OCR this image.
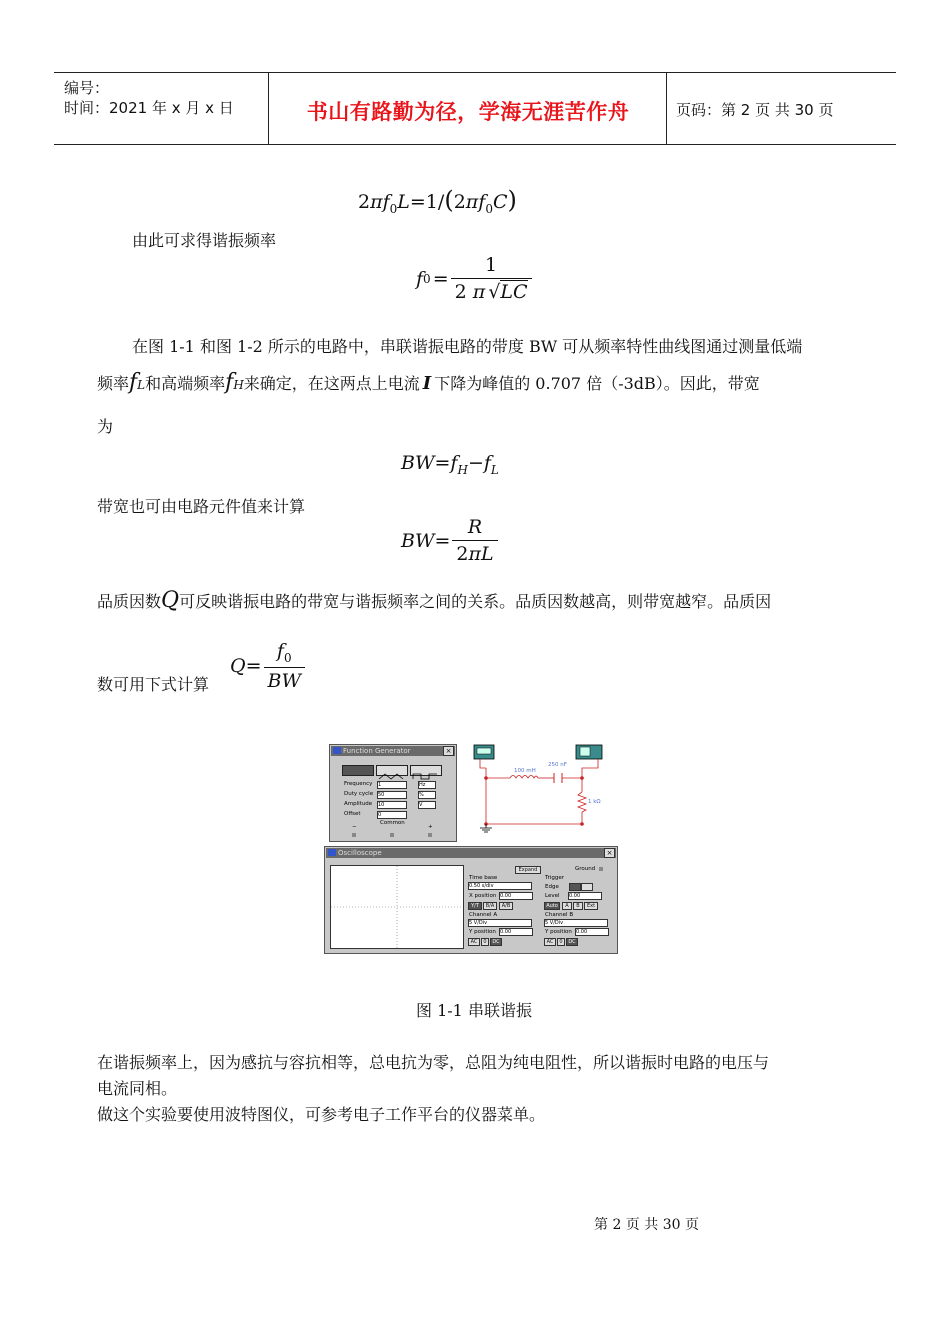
编号：
时间：2021 年 x 月 x 日	书山有路勤为径，学海无涯苦作舟	页码：第 2 页 共 30 页
$2\pi f_0L=1/(2\pi f_0C)$
由此可求得谐振频率
f $0 = \frac{1}{2 \pi √LC}$
在图 1-1 和图 1-2 所示的电路中，串联谐振电路的带度 BW 可从频率特性曲线图通过测量低端
频率 f L 和高端频率 f H 来确定，在这两点上电流 I 下降为峰值的 0.707 倍（-3dB）。因此，带宽
为
$BW=f_H-f_L$
带宽也可由电路元件值来计算
BW = $\frac{R}{2\pi L}$
品质因数 Q 可反映谐振电路的带宽与谐振频率之间的关系。品质因数越高，则带宽越窄。品质因
数可用下式计算
$Q = \frac{f_0}{BW}$
Function Generator	×
Frequency 1	Hz
Duty cycle 50	%
Amplitude 10	V
Offset	0
Common
−	+
100 mH
250 nF
1 kΩ
Oscilloscope	×
Expand	Ground
Time base
0.50 s/div
X position 0.00
Y/T	B/A	A/B
Trigger
Edge
Level 0.00
Auto	A	B	Ext
Channel A
5 V/Div
Y position 0.00
AC	0	DC
Channel B
5 V/Div
Y position 0.00
AC	0	DC
图 1-1 串联谐振
在谐振频率上，因为感抗与容抗相等，总电抗为零，总阻为纯电阻性，所以谐振时电路的电压与
电流同相。
做这个实验要使用波特图仪，可参考电子工作平台的仪器菜单。
第 2 页 共 30 页
